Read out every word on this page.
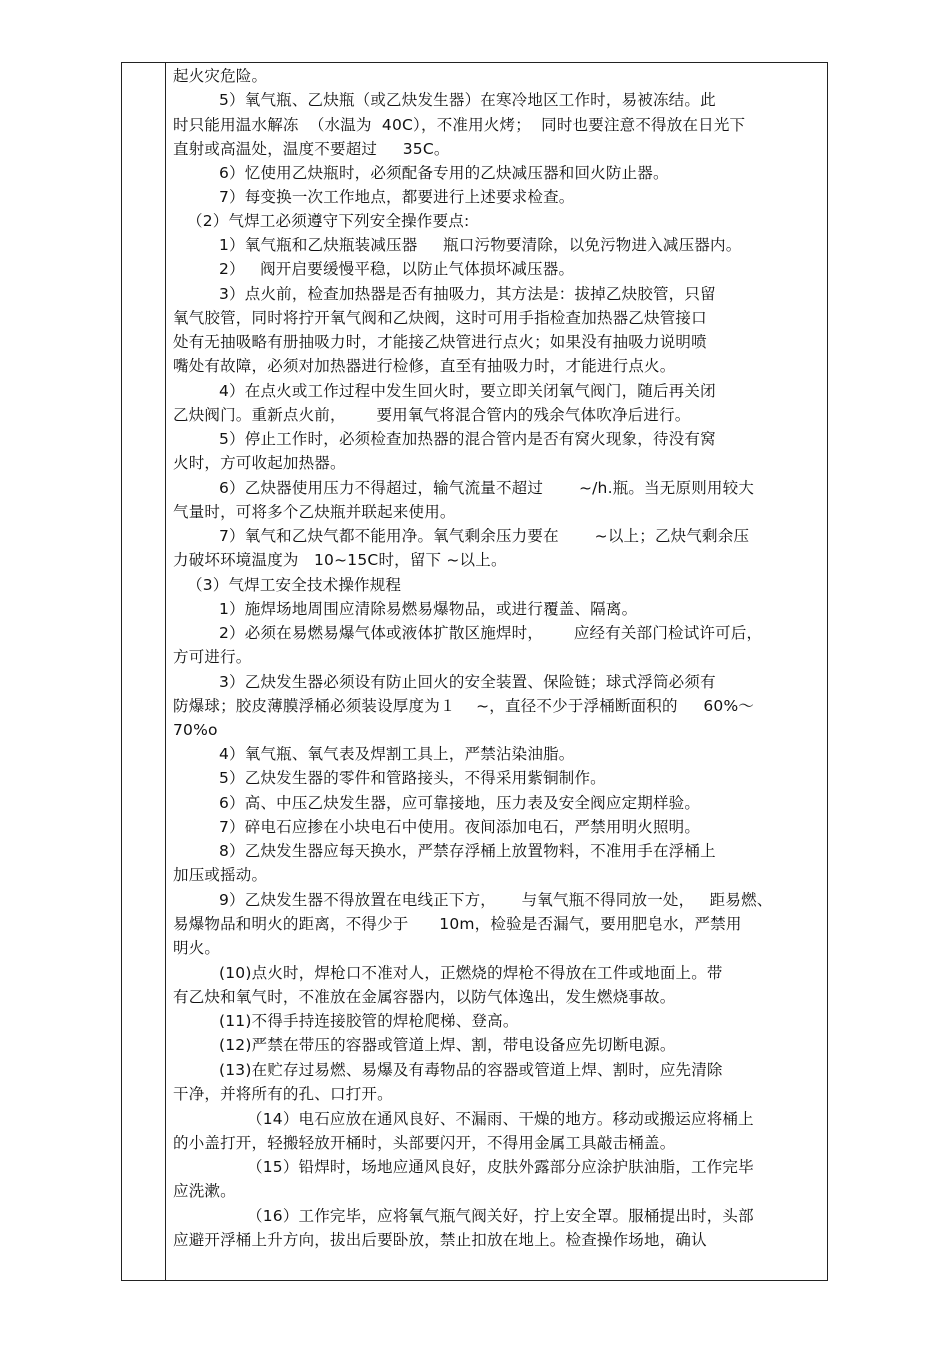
起火灾危险。
5）氧气瓶、乙炔瓶（或乙炔发生器）在寒冷地区工作时，易被冻结。此
时只能用温水解冻  （水温为  40C），不准用火烤；  同时也要注意不得放在日光下
直射或高温处，温度不要超过     35C。
6）忆使用乙炔瓶时，必须配备专用的乙炔减压器和回火防止器。
7）每变换一次工作地点，都要进行上述要求检查。
（2）气焊工必须遵守下列安全操作要点:
1）氧气瓶和乙炔瓶装减压器     瓶口污物要清除，以免污物进入减压器内。
2）   阀开启要缓慢平稳，以防止气体损坏减压器。
3）点火前，检查加热器是否有抽吸力，其方法是：拔掉乙炔胶管，只留
氧气胶管，同时将拧开氧气阀和乙炔阀，这时可用手指检查加热器乙炔管接口
处有无抽吸略有册抽吸力时，才能接乙炔管进行点火；如果没有抽吸力说明喷
嘴处有故障，必须对加热器进行检修，直至有抽吸力时，才能进行点火。
4）在点火或工作过程中发生回火时，要立即关闭氧气阀门，随后再关闭
乙炔阀门。重新点火前，      要用氧气将混合管内的残余气体吹净后进行。
5）停止工作时，必须检查加热器的混合管内是否有窝火现象，待没有窝
火时，方可收起加热器。
6）乙炔器使用压力不得超过，输气流量不超过       ~/h.瓶。当无原则用较大
气量时，可将多个乙炔瓶并联起来使用。
7）氧气和乙炔气都不能用净。氧气剩余压力要在       ~以上；乙炔气剩余压
力破坏环境温度为   10~15C时，留下 ~以上。
（3）气焊工安全技术操作规程
1）施焊场地周围应清除易燃易爆物品，或进行覆盖、隔离。
2）必须在易燃易爆气体或液体扩散区施焊时，      应经有关部门检试许可后，
方可进行。
3）乙炔发生器必须设有防止回火的安全装置、保险链；球式浮筒必须有
防爆球；胶皮薄膜浮桶必须装设厚度为１    ~，直径不少于浮桶断面积的     60%～
70%o
4）氧气瓶、氧气表及焊割工具上，严禁沾染油脂。
5）乙炔发生器的零件和管路接头，不得采用紫铜制作。
6）高、中压乙炔发生器，应可靠接地，压力表及安全阀应定期样验。
7）碎电石应掺在小块电石中使用。夜间添加电石，严禁用明火照明。
8）乙炔发生器应每天换水，严禁存浮桶上放置物料，不准用手在浮桶上
加压或摇动。
9）乙炔发生器不得放置在电线正下方，     与氧气瓶不得同放一处，   距易燃、
易爆物品和明火的距离，不得少于      10m，检验是否漏气，要用肥皂水，严禁用
明火。
(10)点火时，焊枪口不准对人，正燃烧的焊枪不得放在工件或地面上。带
有乙炔和氧气时，不准放在金属容器内，以防气体逸出，发生燃烧事故。
(11)不得手持连接胶管的焊枪爬梯、登高。
(12)严禁在带压的容器或管道上焊、割，带电设备应先切断电源。
(13)在贮存过易燃、易爆及有毒物品的容器或管道上焊、割时，应先清除
干净，并将所有的孔、口打开。
（14）电石应放在通风良好、不漏雨、干燥的地方。移动或搬运应将桶上
的小盖打开，轻搬轻放开桶时，头部要闪开，不得用金属工具敲击桶盖。
（15）铅焊时，场地应通风良好，皮肤外露部分应涂护肤油脂，工作完毕
应洗漱。
（16）工作完毕，应将氧气瓶气阀关好，拧上安全罩。服桶提出时，头部
应避开浮桶上升方向，拔出后要卧放，禁止扣放在地上。检查操作场地，确认
